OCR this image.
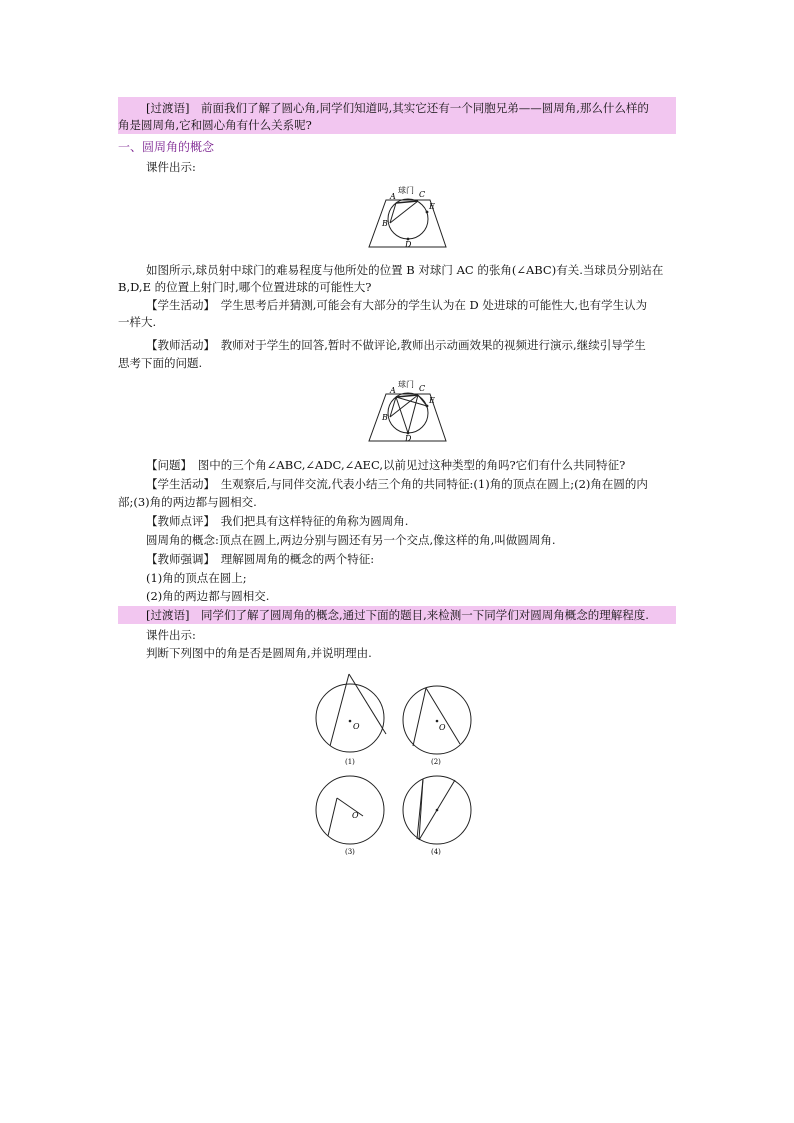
[过渡语]　前面我们了解了圆心角,同学们知道吗,其实它还有一个同胞兄弟——圆周角,那么什么样的
角是圆周角,它和圆心角有什么关系呢?
一、圆周角的概念
课件出示:
A
球门 C
E
B
D
如图所示,球员射中球门的难易程度与他所处的位置 B 对球门 AC 的张角(∠ABC)有关.当球员分别站在
B,D,E 的位置上射门时,哪个位置进球的可能性大?
【学生活动】　学生思考后并猜测,可能会有大部分的学生认为在 D 处进球的可能性大,也有学生认为
一样大.
【教师活动】　教师对于学生的回答,暂时不做评论,教师出示动画效果的视频进行演示,继续引导学生
思考下面的问题.
A
球门 C
E
B
D
【问题】　图中的三个角∠ABC,∠ADC,∠AEC,以前见过这种类型的角吗?它们有什么共同特征?
【学生活动】　生观察后,与同伴交流,代表小结三个角的共同特征:(1)角的顶点在圆上;(2)角在圆的内
部;(3)角的两边都与圆相交.
【教师点评】　我们把具有这样特征的角称为圆周角.
圆周角的概念:顶点在圆上,两边分别与圆还有另一个交点,像这样的角,叫做圆周角.
【教师强调】　理解圆周角的概念的两个特征:
(1)角的顶点在圆上;
(2)角的两边都与圆相交.
[过渡语]　同学们了解了圆周角的概念,通过下面的题目,来检测一下同学们对圆周角概念的理解程度.
课件出示:
判断下列图中的角是否是圆周角,并说明理由.
O
(1)
O
(2)
O
(3)	(4)
